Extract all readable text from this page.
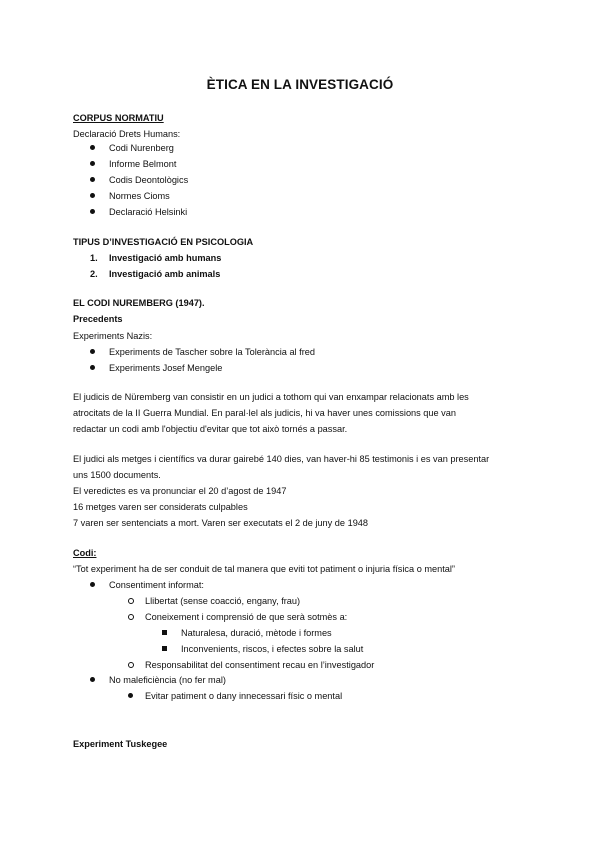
ÈTICA EN LA INVESTIGACIÓ
CORPUS NORMATIU
Declaració Drets Humans:
Codi Nurenberg
Informe Belmont
Codis Deontològics
Normes Cioms
Declaració Helsinki
TIPUS D’INVESTIGACIÓ EN PSICOLOGIA
1. Investigació amb humans
2. Investigació amb animals
EL CODI NUREMBERG (1947).
Precedents
Experiments Nazis:
Experiments de Tascher sobre la Tolerància al fred
Experiments Josef Mengele
El judicis de Nüremberg van consistir en un judici a tothom qui van enxampar relacionats amb les
atrocitats de la II Guerra Mundial. En paral·lel als judicis, hi va haver unes comissions que van
redactar un codi amb l'objectiu d'evitar que tot això tornés a passar.
El judici als metges i científics va durar gairebé 140 dies, van haver-hi 85 testimonis i es van presentar
uns 1500 documents.
El veredictes es va pronunciar el 20 d’agost de 1947
16 metges varen ser considerats culpables
7 varen ser sentenciats a mort. Varen ser executats el 2 de juny de 1948
Codi:
“Tot experiment ha de ser conduit de tal manera que eviti tot patiment o injuria física o mental”
Consentiment informat:
Llibertat (sense coacció, engany, frau)
Coneixement i comprensió de que serà sotmès a:
Naturalesa, duració, mètode i formes
Inconvenients, riscos, i efectes sobre la salut
Responsabilitat del consentiment recau en l’investigador
No maleficiència (no fer mal)
Evitar patiment o dany innecessari físic o mental
Experiment Tuskegee
